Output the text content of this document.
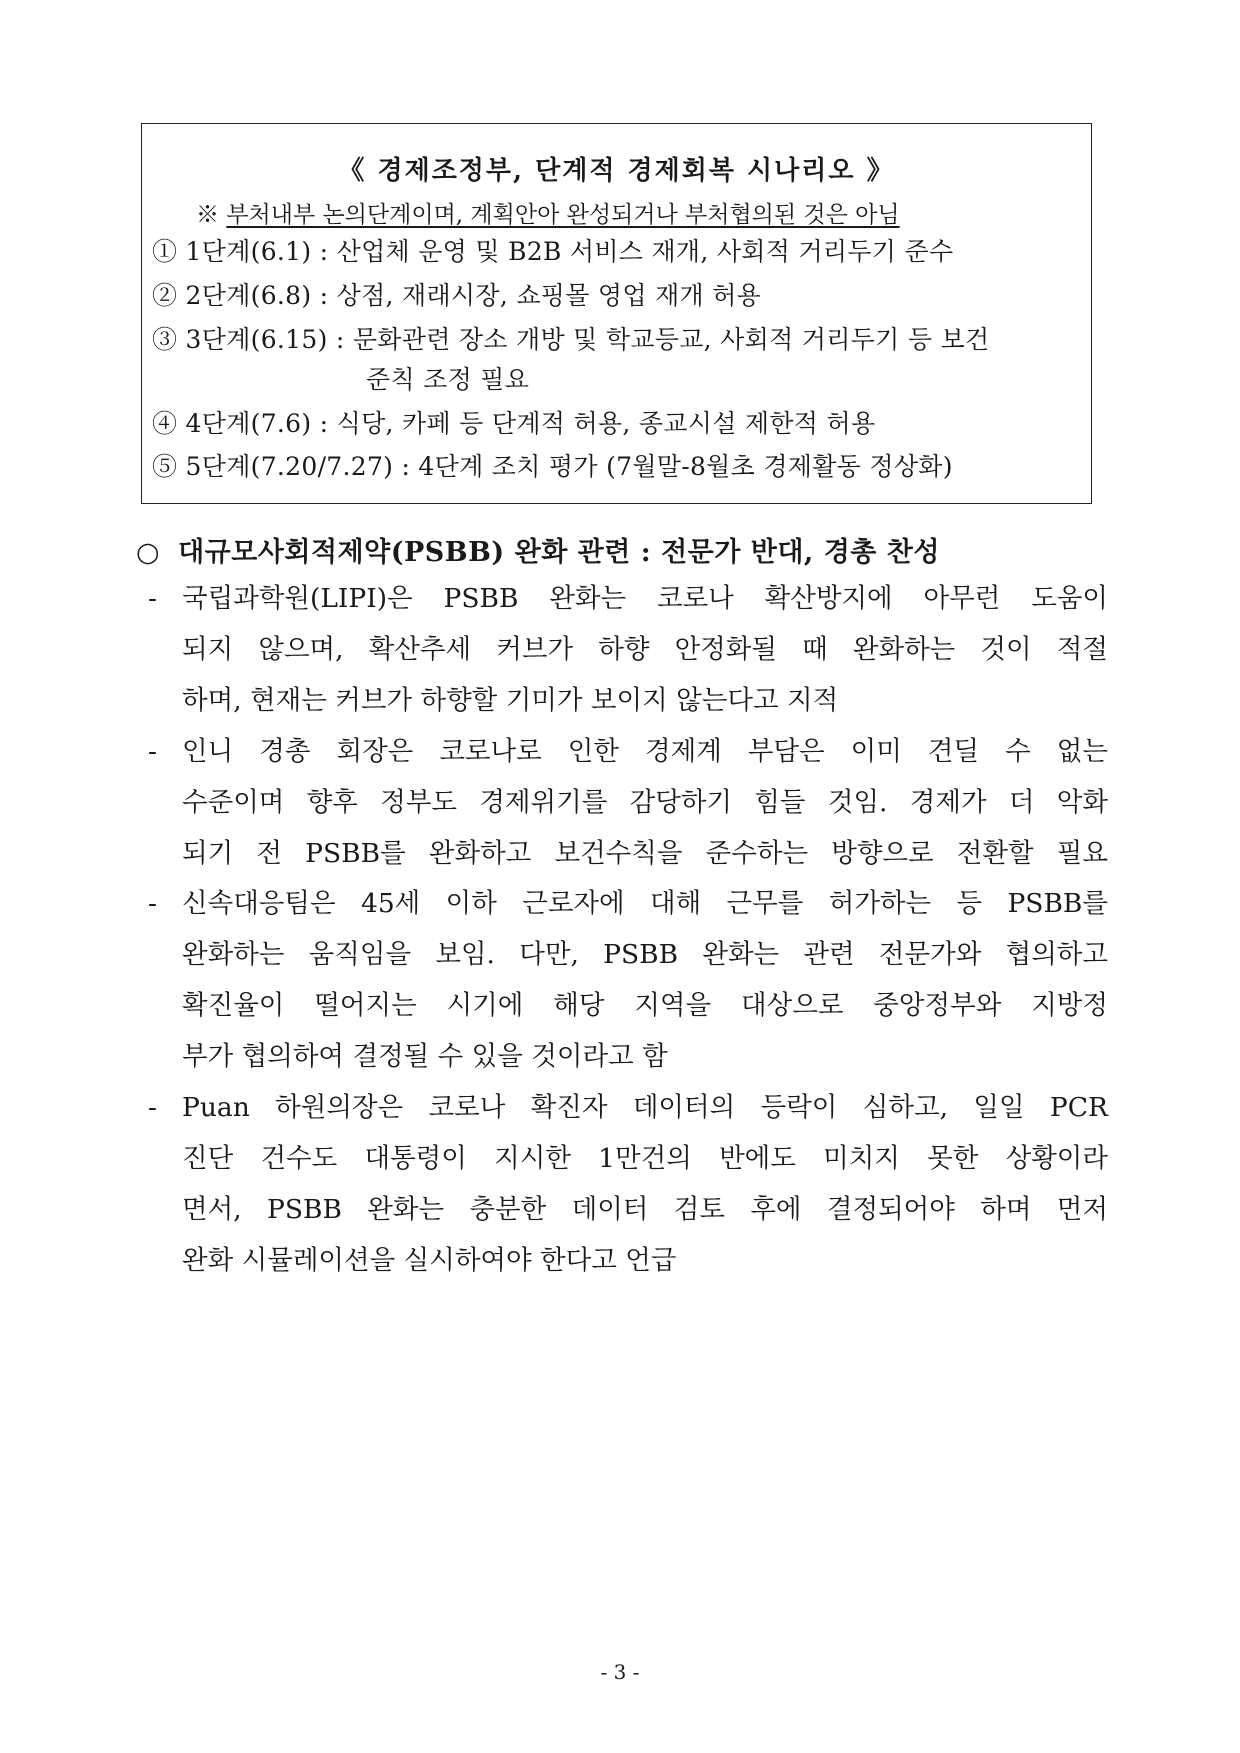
《 경제조정부, 단계적 경제회복 시나리오 》
※ 부처내부 논의단계이며, 계획안아 완성되거나 부처협의된 것은 아님
① 1단계(6.1) : 산업체 운영 및 B2B 서비스 재개, 사회적 거리두기 준수
② 2단계(6.8) : 상점, 재래시장, 쇼핑몰 영업 재개 허용
③ 3단계(6.15) : 문화관련 장소 개방 및 학교등교, 사회적 거리두기 등 보건
준칙 조정 필요
④ 4단계(7.6) : 식당, 카페 등 단계적 허용, 종교시설 제한적 허용
⑤ 5단계(7.20/7.27) : 4단계 조치 평가 (7월말-8월초 경제활동 정상화)
○ 대규모사회적제약(PSBB) 완화 관련 : 전문가 반대, 경총 찬성
- 국립과학원(LIPI)은 PSBB 완화는 코로나 확산방지에 아무런 도움이
되지 않으며, 확산추세 커브가 하향 안정화될 때 완화하는 것이 적절
하며, 현재는 커브가 하향할 기미가 보이지 않는다고 지적
- 인니 경총 회장은 코로나로 인한 경제계 부담은 이미 견딜 수 없는
수준이며 향후 정부도 경제위기를 감당하기 힘들 것임. 경제가 더 악화
되기 전 PSBB를 완화하고 보건수칙을 준수하는 방향으로 전환할 필요
- 신속대응팀은 45세 이하 근로자에 대해 근무를 허가하는 등 PSBB를
완화하는 움직임을 보임. 다만, PSBB 완화는 관련 전문가와 협의하고
확진율이 떨어지는 시기에 해당 지역을 대상으로 중앙정부와 지방정
부가 협의하여 결정될 수 있을 것이라고 함
- Puan 하원의장은 코로나 확진자 데이터의 등락이 심하고, 일일 PCR
진단 건수도 대통령이 지시한 1만건의 반에도 미치지 못한 상황이라
면서, PSBB 완화는 충분한 데이터 검토 후에 결정되어야 하며 먼저
완화 시뮬레이션을 실시하여야 한다고 언급
- 3 -
